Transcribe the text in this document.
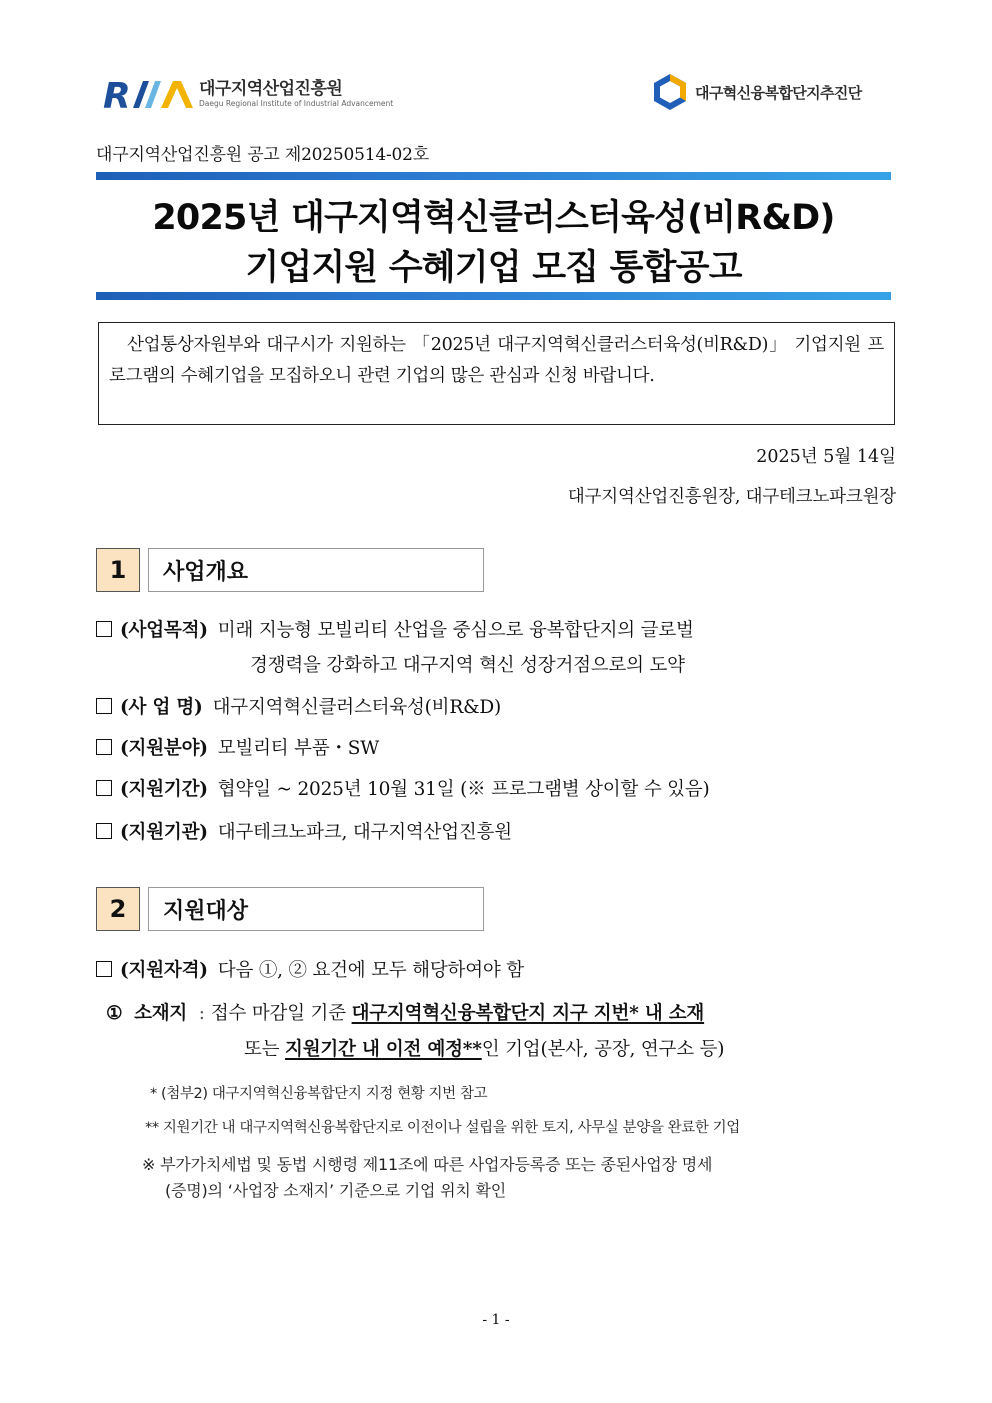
R	대구지역산업진흥원
Daegu Regional Institute of Industrial Advancement
대구혁신융복합단지추진단
대구지역산업진흥원 공고 제20250514-02호
2025년 대구지역혁신클러스터육성(비R&D)
기업지원 수혜기업 모집 통합공고
산업통상자원부와 대구시가 지원하는 「2025년 대구지역혁신클러스터육성(비R&D)」 기업지원 프로그램의 수혜기업을 모집하오니 관련 기업의 많은 관심과 신청 바랍니다.
2025년 5월 14일
대구지역산업진흥원장, 대구테크노파크원장
1	사업개요
(사업목적) 미래 지능형 모빌리티 산업을 중심으로 융복합단지의 글로벌
경쟁력을 강화하고 대구지역 혁신 성장거점으로의 도약
(사 업 명) 대구지역혁신클러스터육성(비R&D)
(지원분야) 모빌리티 부품・SW
(지원기간) 협약일 ~ 2025년 10월 31일 (※ 프로그램별 상이할 수 있음)
(지원기관) 대구테크노파크, 대구지역산업진흥원
2	지원대상
(지원자격) 다음 ①, ② 요건에 모두 해당하여야 함
① 소재지 : 접수 마감일 기준 대구지역혁신융복합단지 지구 지번* 내 소재
또는 지원기간 내 이전 예정**인 기업(본사, 공장, 연구소 등)
* (첨부2) 대구지역혁신융복합단지 지정 현황 지번 참고
** 지원기간 내 대구지역혁신융복합단지로 이전이나 설립을 위한 토지, 사무실 분양을 완료한 기업
※ 부가가치세법 및 동법 시행령 제11조에 따른 사업자등록증 또는 종된사업장 명세
(증명)의 ‘사업장 소재지’ 기준으로 기업 위치 확인
- 1 -
